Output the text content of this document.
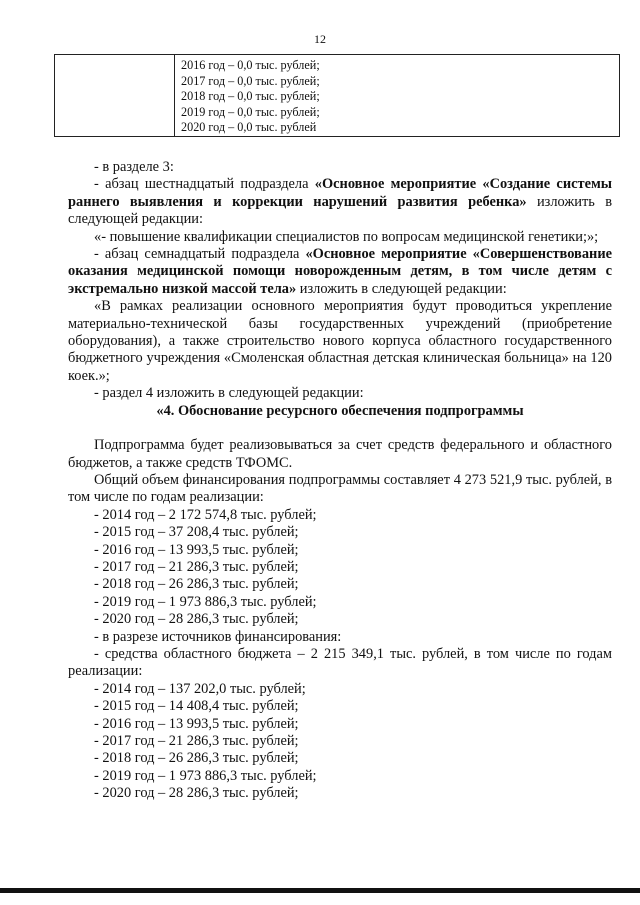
12
2016 год – 0,0 тыс. рублей;
2017 год – 0,0 тыс. рублей;
2018 год – 0,0 тыс. рублей;
2019 год – 0,0 тыс. рублей;
2020 год – 0,0 тыс. рублей

- в разделе 3:

- абзац шестнадцатый подраздела «Основное мероприятие «Создание системы раннего выявления и коррекции нарушений развития ребенка» изложить в следующей редакции:

«- повышение квалификации специалистов по вопросам медицинской генетики;»;

- абзац семнадцатый подраздела «Основное мероприятие «Совершенствование оказания медицинской помощи новорожденным детям, в том числе детям с экстремально низкой массой тела» изложить в следующей редакции:

«В рамках реализации основного мероприятия будут проводиться укрепление материально-технической базы государственных учреждений (приобретение оборудования), а также строительство нового корпуса областного государственного бюджетного учреждения «Смоленская областная детская клиническая больница» на 120 коек.»;

- раздел 4 изложить в следующей редакции:

«4. Обоснование ресурсного обеспечения подпрограммы

Подпрограмма будет реализовываться за счет средств федерального и областного бюджетов, а также средств ТФОМС.

Общий объем финансирования подпрограммы составляет 4 273 521,9 тыс. рублей, в том числе по годам реализации:

- 2014 год – 2 172 574,8 тыс. рублей;

- 2015 год – 37 208,4 тыс. рублей;

- 2016 год – 13 993,5 тыс. рублей;

- 2017 год – 21 286,3 тыс. рублей;

- 2018 год – 26 286,3 тыс. рублей;

- 2019 год – 1 973 886,3 тыс. рублей;

- 2020 год – 28 286,3 тыс. рублей;

- в разрезе источников финансирования:

- средства областного бюджета – 2 215 349,1 тыс. рублей, в том числе по годам реализации:

- 2014 год – 137 202,0 тыс. рублей;

- 2015 год – 14 408,4 тыс. рублей;

- 2016 год – 13 993,5 тыс. рублей;

- 2017 год – 21 286,3 тыс. рублей;

- 2018 год – 26 286,3 тыс. рублей;

- 2019 год – 1 973 886,3 тыс. рублей;

- 2020 год – 28 286,3 тыс. рублей;
